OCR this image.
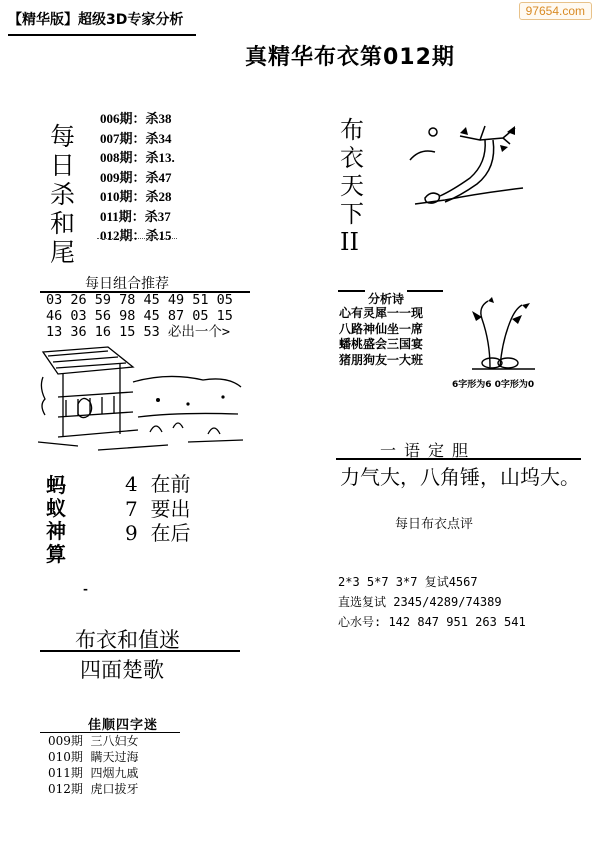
【精华版】超级3D专家分析
97654.com
真精华布衣第012期
每
日
杀
和
尾
006期：杀38
007期：杀34
008期：杀13.
009期：杀47
010期：杀28
011期：杀37
012期：杀15
每日组合推荐
03 26 59 78 45 49 51 05
46 03 56 98 45 87 05 15
13 36 16 15 53 必出一个>
蚂
蚁
神
算
4  在前
7  要出
9  在后
-
布衣和值迷
四面楚歌
佳顺四字迷
009期  三八妇女
010期  瞒天过海
011期  四烟九戚
012期  虎口拔牙
布
衣
天
下
II
分析诗
心有灵犀一一现
八路神仙坐一席
蟠桃盛会三国宴
猪朋狗友一大班
6字形为6 0字形为0
一语定胆
力气大，八角锤，山坞大。
每日布衣点评
2*3 5*7 3*7 复试4567
直选复试 2345/4289/74389
心水号: 142 847 951 263 541
